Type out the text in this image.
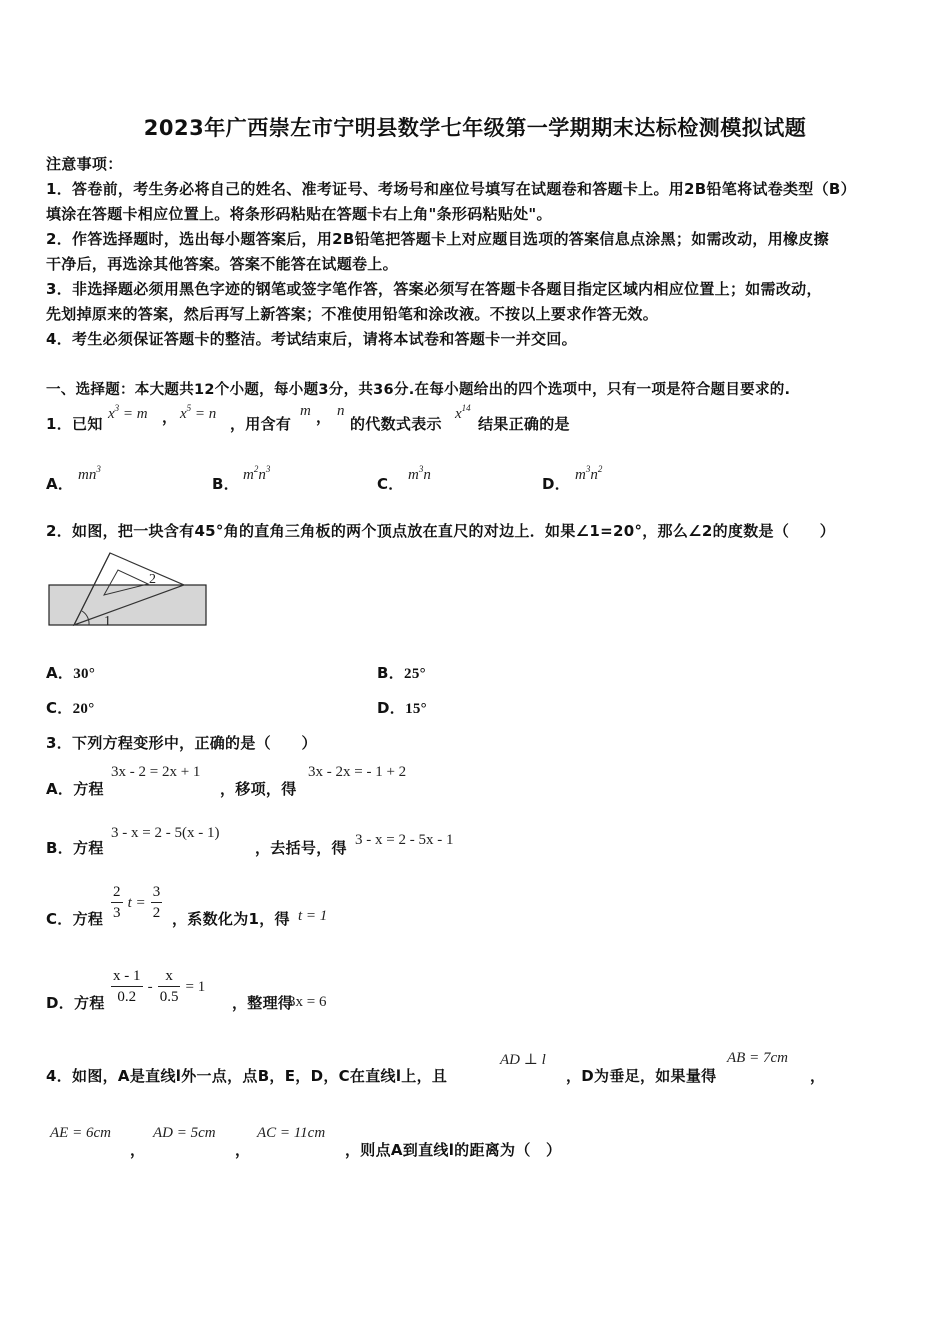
2023年广西崇左市宁明县数学七年级第一学期期末达标检测模拟试题
注意事项：
1．答卷前，考生务必将自己的姓名、准考证号、考场号和座位号填写在试题卷和答题卡上。用2B铅笔将试卷类型（B）
填涂在答题卡相应位置上。将条形码粘贴在答题卡右上角"条形码粘贴处"。
2．作答选择题时，选出每小题答案后，用2B铅笔把答题卡上对应题目选项的答案信息点涂黑；如需改动，用橡皮擦
干净后，再选涂其他答案。答案不能答在试题卷上。
3．非选择题必须用黑色字迹的钢笔或签字笔作答，答案必须写在答题卡各题目指定区域内相应位置上；如需改动，
先划掉原来的答案，然后再写上新答案；不准使用铅笔和涂改液。不按以上要求作答无效。
4．考生必须保证答题卡的整洁。考试结束后，请将本试卷和答题卡一并交回。
一、选择题：本大题共12个小题，每小题3分，共36分.在每小题给出的四个选项中，只有一项是符合题目要求的.
1．已知
$x^3 = m$ ， $x^5 = n$
，用含有
m ， n
的代数式表示
$x^{14}$
结果正确的是
A． $mn^3$
B． $m^2n^3$
C． $m^3n$	D． $m^3n^2$
2．如图，把一块含有45°角的直角三角板的两个顶点放在直尺的对边上．如果∠1=20°，那么∠2的度数是（　　）
1
2
A．30°	B．25°
C．20°	D．15°
3．下列方程变形中，正确的是（　　）
A．方程
3x - 2 = 2x + 1
，移项，得
3x - 2x = - 1 + 2
B．方程
3 - x = 2 - 5(x - 1)
，去括号，得 3 - x = 2 - 5x - 1
C．方程 $\frac{2}{3}$ $t = \frac{3}{2}$ ，系数化为1，得 t = 1
D．方程 $\frac{x - 1}{0.2} - \frac{x}{0.5} = 1$
，整理得
3x = 6
4．如图，A是直线l外一点，点B，E，D，C在直线l上，且
AD ⊥ l
，D为垂足，如果量得
AB = 7cm
，
AE = 6cm
，
AD = 5cm
，
AC = 11cm
，则点A到直线l的距离为（　）
